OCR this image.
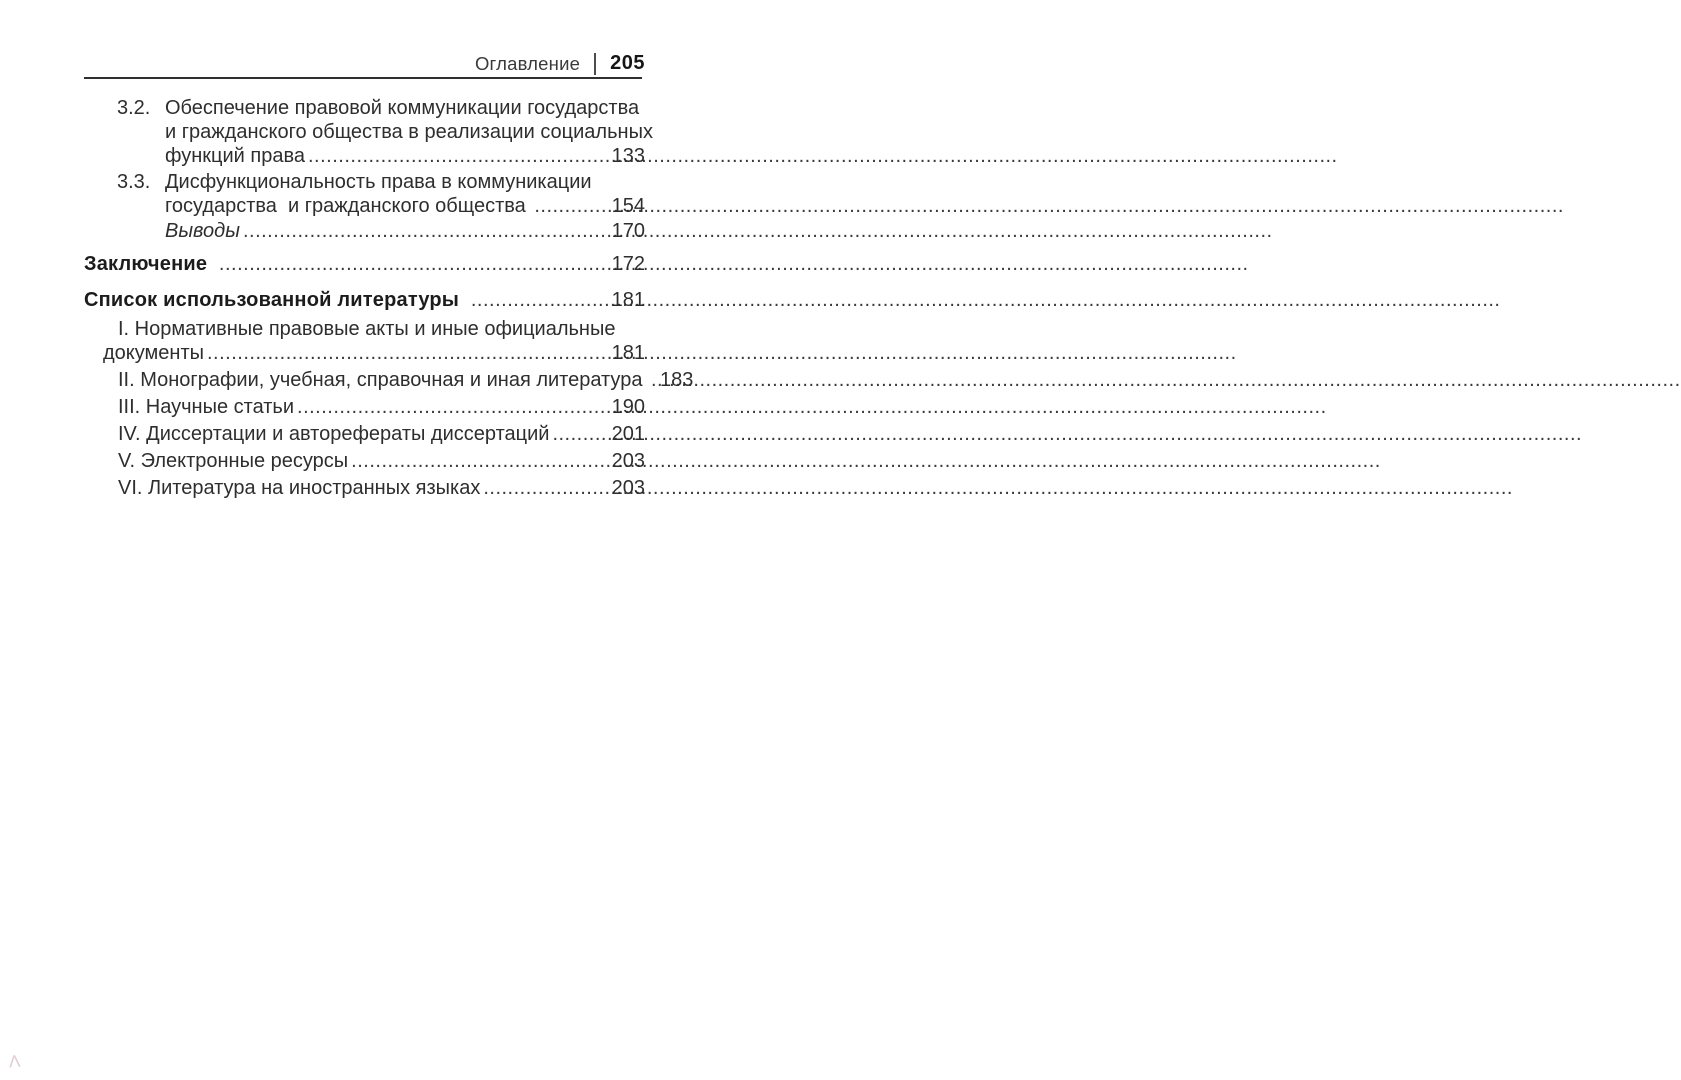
Оглавление 205
3.2. Обеспечение правовой коммуникации государства
и гражданского общества в реализации социальных
функций права .....	133
3.3. Дисфункциональность права в коммуникации
государства  и гражданского общества .....	154
Выводы .....	170
Заключение .....	172
Список использованной литературы .....	181
I. Нормативные правовые акты и иные официальные
документы .....	181
II. Монографии, учебная, справочная и иная литература ..... 183
III. Научные статьи .....	190
IV. Диссертации и авторефераты диссертаций .....	201
V. Электронные ресурсы .....	203
VI. Литература на иностранных языках .....	203
Λ
